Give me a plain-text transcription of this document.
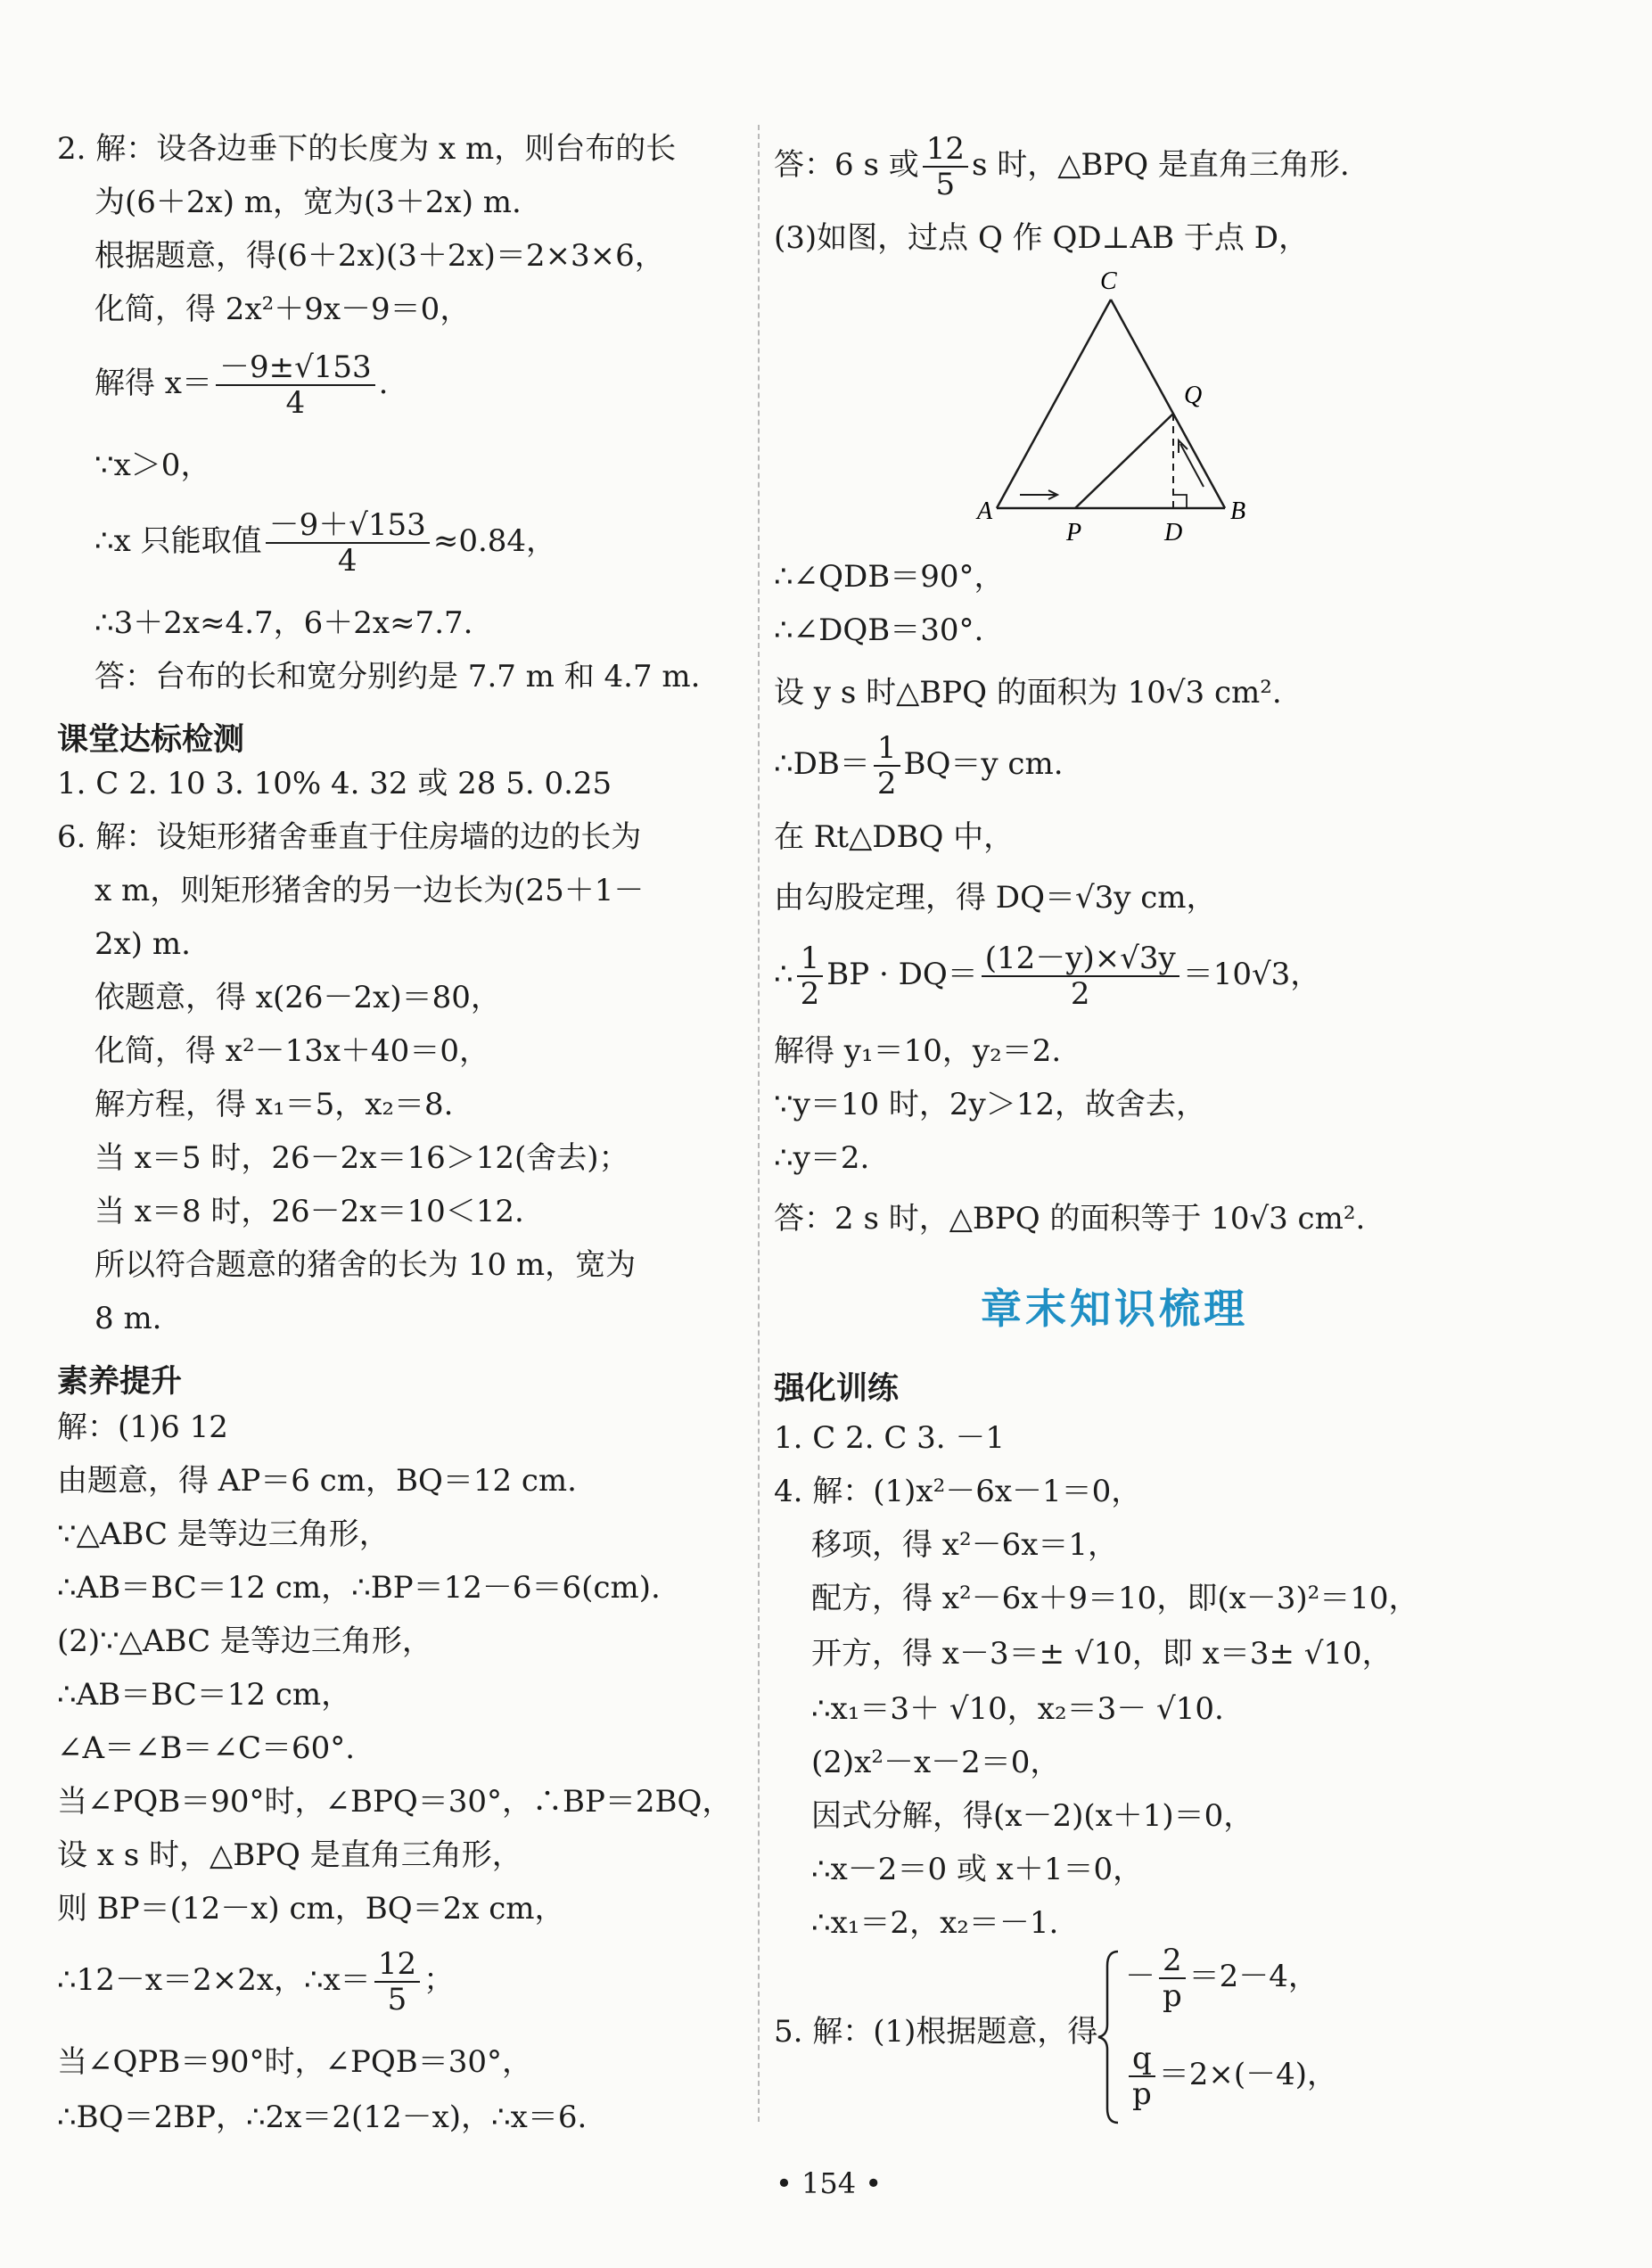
2. 解：设各边垂下的长度为 x m，则台布的长
为(6＋2x) m，宽为(3＋2x) m.
根据题意，得(6＋2x)(3＋2x)＝2×3×6，
化简，得 2x²＋9x－9＝0，
解得 $x= \frac{-9\pm√153}{4}$ .
∵x＞0，
∴x 只能取值 $\frac{-9+√153}{4} \approx 0.84$，
∴3＋2x≈4.7，6＋2x≈7.7.
答：台布的长和宽分别约是 7.7 m 和 4.7 m.
课堂达标检测
1. C 2. 10 3. 10% 4. 32 或 28 5. 0.25
6. 解：设矩形猪舍垂直于住房墙的边的长为
x m，则矩形猪舍的另一边长为(25＋1－
2x) m.
依题意，得 x(26－2x)＝80，
化简，得 x²－13x＋40＝0，
解方程，得 x₁＝5，x₂＝8.
当 x＝5 时，26－2x＝16＞12(舍去)；
当 x＝8 时，26－2x＝10＜12.
所以符合题意的猪舍的长为 10 m，宽为
8 m.
素养提升
解：(1)6 12
由题意，得 AP＝6 cm，BQ＝12 cm.
∵△ABC 是等边三角形，
∴AB＝BC＝12 cm，∴BP＝12－6＝6(cm).
(2)∵△ABC 是等边三角形，
∴AB＝BC＝12 cm，
∠A＝∠B＝∠C＝60°.
当∠PQB＝90°时，∠BPQ＝30°，∴BP＝2BQ，
设 x s 时，△BPQ 是直角三角形，
则 BP＝(12－x) cm，BQ＝2x cm，
∴12－x＝2×2x，∴x＝ $\frac{12}{5}$ ；
当∠QPB＝90°时，∠PQB＝30°，
∴BQ＝2BP，∴2x＝2(12－x)，∴x＝6.
答：6 s 或 $\frac{12}{5}$ s 时，△BPQ 是直角三角形.
(3)如图，过点 Q 作 QD⊥AB 于点 D，
A	B
C
P
Q
D
∴∠QDB＝90°，
∴∠DQB＝30°.
设 y s 时△BPQ 的面积为 10√3 cm².
∴DB＝ $\frac{1}{2} BQ=y$ cm.
在 Rt△DBQ 中，
由勾股定理，得 DQ＝√3y cm，
∴ $\frac{1}{2}$ BP · $DQ= \frac{(12-y)\times√3y}{2} =10√3$，
解得 y₁＝10，y₂＝2.
∵y＝10 时，2y＞12，故舍去，
∴y＝2.
答：2 s 时，△BPQ 的面积等于 10√3 cm².
强化训练
1. C 2. C 3. －1
4. 解：(1)x²－6x－1＝0，
移项，得 x²－6x＝1，
配方，得 x²－6x＋9＝10，即(x－3)²＝10，
开方，得 x－3＝± √10，即 x＝3± √10，
∴x₁＝3＋ √10，x₂＝3－ √10.
(2)x²－x－2＝0，
因式分解，得(x－2)(x＋1)＝0，
∴x－2＝0 或 x＋1＝0，
∴x₁＝2，x₂＝－1.
5. 解：(1)根据题意，得
－ $\frac{2}{p} =2-4$，
$\frac{q}{p} =2\times(-4)$，
章末知识梳理
• 154 •
